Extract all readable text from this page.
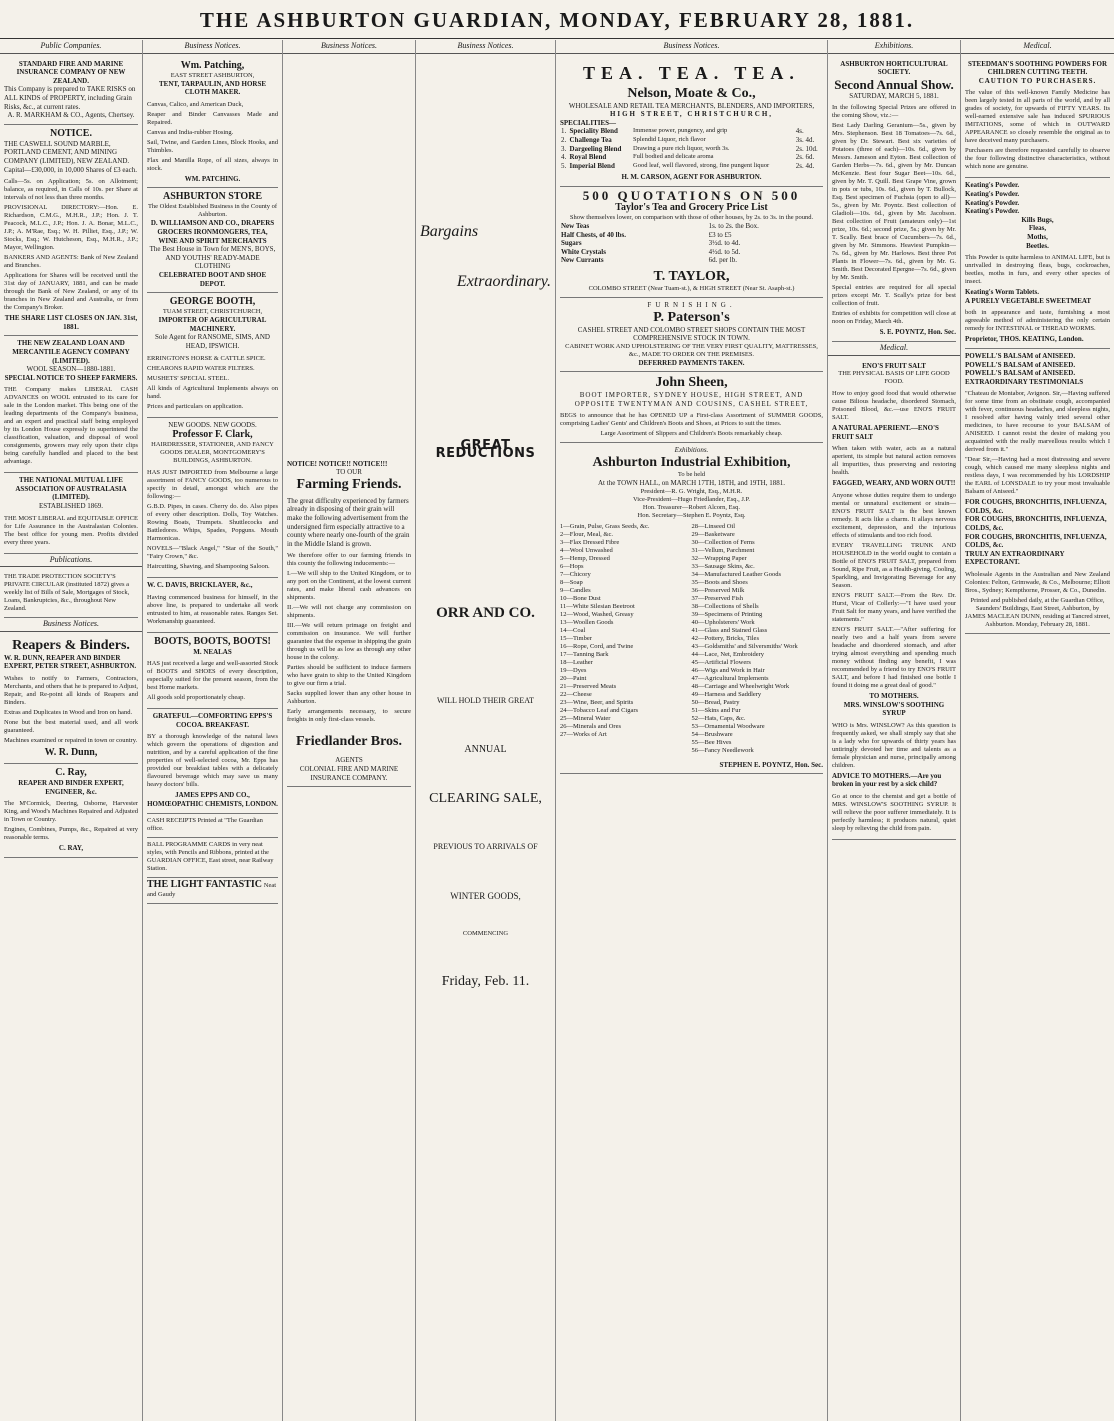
THE ASHBURTON GUARDIAN, MONDAY, FEBRUARY 28, 1881.
Public Companies.
STANDARD FIRE AND MARINE INSURANCE COMPANY OF NEW ZEALAND.
This Company is prepared to TAKE RISKS on ALL KINDS of PROPERTY, including Grain Risks, &c., at current rates.
A. R. MARKHAM & CO., Agents, Chertsey.
NOTICE.
THE CASWELL SOUND MARBLE, PORTLAND CEMENT, AND MINING COMPANY (LIMITED), NEW ZEALAND. Capital—£30,000, in 10,000 Shares of £3 each.

Calls—5s. on Application; 5s. on Allotment; balance, as required, in Calls of 10s. per Share at intervals of not less than three months.

PROVISIONAL DIRECTORY:—Hon. E. Richardson, C.M.G., M.H.R., J.P.; Hon. J. T. Peacock, M.L.C., J.P.; Hon. J. A. Bonar, M.L.C., J.P.; A. M'Rae, Esq.; W. H. Pilliet, Esq., J.P.; W. Stocks, Esq.; W. Hutcheson, Esq., M.H.R., J.P.; Mayor, Wellington.

BANKERS AND AGENTS: Bank of New Zealand and Branches.

Applications for Shares will be received until the 31st day of JANUARY, 1881, and can be made through the Bank of New Zealand, or any of its branches in New Zealand and Australia, or from the Company's Broker.

THE SHARE LIST CLOSES ON JAN. 31st, 1881.
THE NEW ZEALAND LOAN AND MERCANTILE AGENCY COMPANY (LIMITED).
WOOL SEASON—1880-1881.
SPECIAL NOTICE TO SHEEP FARMERS.

THE Company makes LIBERAL CASH ADVANCES on WOOL entrusted to its care for sale in the London market. This being one of the leading departments of the Company's business, and an expert and practical staff being employed by its London House expressly to superintend the classification, valuation, and disposal of wool consignments, growers may rely upon their clips being carefully handled and placed to the best advantage.

THE NATIONAL MUTUAL LIFE ASSOCIATION OF AUSTRALASIA (LIMITED).
ESTABLISHED 1869.

THE MOST LIBERAL and EQUITABLE OFFICE for Life Assurance in the Australasian Colonies. The best office for young men. Profits divided every three years.

Publications.
THE TRADE PROTECTION SOCIETY'S PRIVATE CIRCULAR (instituted 1872) gives a weekly list of Bills of Sale, Mortgages of Stock, Loans, Bankruptcies, &c., throughout New Zealand.
Business Notices.
Reapers & Binders.
W. R. DUNN, REAPER AND BINDER EXPERT, PETER STREET, ASHBURTON.

Wishes to notify to Farmers, Contractors, Merchants, and others that he is prepared to Adjust, Repair, and Re-point all kinds of Reapers and Binders.

Extras and Duplicates in Wood and Iron on hand.

None but the best material used, and all work guaranteed.

Machines examined or repaired in town or country.

W. R. Dunn,
C. Ray,
REAPER AND BINDER EXPERT, ENGINEER, &c.

The M'Cormick, Deering, Osborne, Harvester King, and Wood's Machines Repaired and Adjusted in Town or Country.

Engines, Combines, Pumps, &c., Repaired at very reasonable terms.

C. RAY,
Business Notices.
Wm. Patching,
EAST STREET ASHBURTON,
TENT, TARPAULIN, AND HORSE CLOTH MAKER.

Canvas, Calico, and American Duck,

Reaper and Binder Canvasses Made and Repaired.

Canvas and India-rubber Hosing.

Sail, Twine, and Garden Lines, Block Hooks, and Thimbles.

Flax and Manilla Rope, of all sizes, always in stock.

WM. PATCHING.
ASHBURTON STORE
The Oldest Established Business in the County of Ashburton.
D. WILLIAMSON AND CO., DRAPERS GROCERS IRONMONGERS, TEA, WINE AND SPIRIT MERCHANTS
The Best House in Town for MEN'S, BOYS, AND YOUTHS' READY-MADE CLOTHING
CELEBRATED BOOT AND SHOE DEPOT.
GEORGE BOOTH,
TUAM STREET, CHRISTCHURCH,
IMPORTER OF AGRICULTURAL MACHINERY.
Sole Agent for RANSOME, SIMS, AND HEAD, IPSWICH.

ERRINGTON'S HORSE & CATTLE SPICE.

CHEARONS RAPID WATER FILTERS.

MUSHETS' SPECIAL STEEL.

All kinds of Agricultural Implements always on hand.

Prices and particulars on application.

NEW GOODS. NEW GOODS.
Professor F. Clark,
HAIRDRESSER, STATIONER, AND FANCY GOODS DEALER, MONTGOMERY'S BUILDINGS, ASHBURTON.

HAS JUST IMPORTED from Melbourne a large assortment of FANCY GOODS, too numerous to specify in detail, amongst which are the following:—

G.B.D. Pipes, in cases. Cherry do. do. Also pipes of every other description. Dolls, Toy Watches. Rowing Boats, Trumpets. Shuttlecocks and Battledores. Whips, Spades, Popguns. Mouth Harmonicas.

NOVELS—"Black Angel," "Star of the South," "Fairy Crown," &c.

Haircutting, Shaving, and Shampooing Saloon.

W. C. DAVIS, BRICKLAYER, &c.,

Having commenced business for himself, in the above line, is prepared to undertake all work entrusted to him, at reasonable rates. Ranges Set. Workmanship guaranteed.

BOOTS, BOOTS, BOOTS!
M. NEALAS

HAS just received a large and well-assorted Stock of BOOTS and SHOES of every description, especially suited for the present season, from the best Home markets.

All goods sold proportionately cheap.

GRATEFUL—COMFORTING EPPS'S COCOA. BREAKFAST.

BY a thorough knowledge of the natural laws which govern the operations of digestion and nutrition, and by a careful application of the fine properties of well-selected cocoa, Mr. Epps has provided our breakfast tables with a delicately flavoured beverage which may save us many heavy doctors' bills.

JAMES EPPS AND CO., HOMŒOPATHIC CHEMISTS, LONDON.
CASH RECEIPTS Printed at "The Guardian office.
BALL PROGRAMME CARDS in very neat styles, with Pencils and Ribbons, printed at the GUARDIAN OFFICE, East street, near Railway Station.
THE LIGHT FANTASTIC Neat and Gaudy
Business Notices.
NOTICE! NOTICE!! NOTICE!!!
TO OUR
Farming Friends.
The great difficulty experienced by farmers already in disposing of their grain will make the following advertisement from the undersigned firm especially attractive to a county where nearly one-fourth of the grain in the Middle Island is grown.

We therefore offer to our farming friends in this county the following inducements:—

I.—We will ship to the United Kingdom, or to any port on the Continent, at the lowest current rates, and make liberal cash advances on shipments.

II.—We will not charge any commission on shipments.

III.—We will return primage on freight and commission on insurance. We will further guarantee that the expense in shipping the grain through us will be as low as through any other house in the colony.

Parties should be sufficient to induce farmers who have grain to ship to the United Kingdom to give our firm a trial.

Sacks supplied lower than any other house in Ashburton.

Early arrangements necessary, to secure freights in only first-class vessels.

Friedlander Bros.
AGENTS
COLONIAL FIRE AND MARINE INSURANCE COMPANY.
Business Notices.
Bargains
Extraordinary.
GREAT REDUCTIONS
ORR AND CO.
WILL HOLD THEIR GREAT
ANNUAL
CLEARING SALE,
PREVIOUS TO ARRIVALS OF
WINTER GOODS,
COMMENCING
Friday, Feb. 11.
Business Notices.
TEA. TEA. TEA.
Nelson, Moate & Co.,
WHOLESALE AND RETAIL TEA MERCHANTS, BLENDERS, AND IMPORTERS,
HIGH STREET, CHRISTCHURCH,
SPECIALITIES—
1.	Speciality Blend	Immense power, pungency, and grip	4s.
2.	Challenge Tea	Splendid Liquor, rich flavor	3s. 4d.
3.	Dargeeling Blend	Drawing a pure rich liquor, worth 3s.	2s. 10d.
4.	Royal Blend	Full bodied and delicate aroma	2s. 6d.
5.	Imperial Blend	Good leaf, well flavored, strong, fine pungent liquor	2s. 4d.
H. M. CARSON, AGENT FOR ASHBURTON.
500 QUOTATIONS ON 500
Taylor's Tea and Grocery Price List
Show themselves lower, on comparison with those of other houses, by 2s. to 3s. in the pound.
New Teas	1s. to 2s. the Box.
Half Chests, of 40 lbs.	£3 to £5
Sugars	3½d. to 4d.
White Crystals	4½d. to 5d.
New Currants	6d. per lb.
T. TAYLOR,
COLOMBO STREET (Near Tuam-st.), & HIGH STREET (Near St. Asaph-st.)
FURNISHING.
P. Paterson's
CASHEL STREET AND COLOMBO STREET SHOPS CONTAIN THE MOST COMPREHENSIVE STOCK IN TOWN.
CABINET WORK AND UPHOLSTERING OF THE VERY FIRST QUALITY, MATTRESSES, &c., MADE TO ORDER ON THE PREMISES.
DEFERRED PAYMENTS TAKEN.
John Sheen,
BOOT IMPORTER, SYDNEY HOUSE, HIGH STREET, AND OPPOSITE TWENTYMAN AND COUSINS, CASHEL STREET,

BEGS to announce that he has OPENED UP a First-class Assortment of SUMMER GOODS, comprising Ladies' Gents' and Children's Boots and Shoes, at Prices to suit the times.

Large Assortment of Slippers and Children's Boots remarkably cheap.
Exhibitions.
Ashburton Industrial Exhibition,
To be held
At the TOWN HALL, on MARCH 17TH, 18TH, and 19TH, 1881.
President—R. G. Wright, Esq., M.H.R.
Vice-President—Hugo Friedlander, Esq., J.P.
Hon. Treasurer—Robert Alcorn, Esq.
Hon. Secretary—Stephen E. Poyntz, Esq.
1—Grain, Pulse, Grass Seeds, &c.
2—Flour, Meal, &c.
3—Flax Dressed Fibre
4—Wool Unwashed
5—Hemp, Dressed
6—Hops
7—Chicory
8—Soap
9—Candles
10—Bone Dust
11—White Silesian Beetroot
12—Wood, Washed, Greasy
13—Woollen Goods
14—Coal
15—Timber
16—Rope, Cord, and Twine
17—Tanning Bark
18—Leather
19—Dyes
20—Paint
21—Preserved Meats
22—Cheese
23—Wine, Beer, and Spirits
24—Tobacco Leaf and Cigars
25—Mineral Water
26—Minerals and Ores
27—Works of Art
28—Linseed Oil
29—Basketware
30—Collection of Ferns
31—Vellum, Parchment
32—Wrapping Paper
33—Sausage Skins, &c.
34—Manufactured Leather Goods
35—Boots and Shoes
36—Preserved Milk
37—Preserved Fish
38—Collections of Shells
39—Specimens of Printing
40—Upholsterers' Work
41—Glass and Stained Glass
42—Pottery, Bricks, Tiles
43—Goldsmiths' and Silversmiths' Work
44—Lace, Net, Embroidery
45—Artificial Flowers
46—Wigs and Work in Hair
47—Agricultural Implements
48—Carriage and Wheelwright Work
49—Harness and Saddlery
50—Bread, Pastry
51—Skins and Fur
52—Hats, Caps, &c.
53—Ornamental Woodware
54—Brushware
55—Bee Hives
56—Fancy Needlework
STEPHEN E. POYNTZ, Hon. Sec.
Exhibitions.
ASHBURTON HORTICULTURAL SOCIETY.
Second Annual Show.
SATURDAY, MARCH 5, 1881.

In the following Special Prizes are offered in the coming Show, viz.:—

Best Lady Darling Geranium—5s., given by Mrs. Stephenson. Best 18 Tomatoes—7s. 6d., given by Dr. Stewart. Best six varieties of Potatoes (three of each)—10s. 6d., given by Messrs. Jameson and Eyton. Best collection of Garden Herbs—7s. 6d., given by Mr. Duncan McKenzie. Best four Sugar Beet—10s. 6d., given by Mr. T. Quill. Best Grape Vine, grown in pots or tubs, 10s. 6d., given by T. Bullock, Esq. Best specimen of Fuchsia (open to all)—5s., given by Mr. Poyntz. Best collection of Gladioli—10s. 6d., given by Mr. Jacobson. Best collection of Fruit (amateurs only)—1st prize, 10s. 6d.; second prize, 5s.; given by Mr. T. Scally. Best brace of Cucumbers—7s. 6d., given by Mr. Simmons. Heaviest Pumpkin—7s. 6d., given by Mr. Harlows. Best three Pot Plants in Flower—7s. 6d., given by Mr. G. Smith. Best Decorated Epergne—7s. 6d., given by Mr. Smith.

Special entries are required for all special prizes except Mr. T. Scally's prize for best collection of fruit.

Entries of exhibits for competition will close at noon on Friday, March 4th.

S. E. POYNTZ, Hon. Sec.
Medical.
ENO'S FRUIT SALT
THE PHYSICAL BASIS OF LIFE GOOD FOOD.

How to enjoy good food that would otherwise cause Bilious headache, disordered Stomach, Poisoned Blood, &c.—use ENO'S FRUIT SALT.

A NATURAL APERIENT.—ENO'S FRUIT SALT

When taken with water, acts as a natural aperient, its simple but natural action removes all impurities, thus preserving and restoring health.

FAGGED, WEARY, AND WORN OUT!!

Anyone whose duties require them to undergo mental or unnatural excitement or strain—ENO'S FRUIT SALT is the best known remedy. It acts like a charm. It allays nervous excitement, depression, and the injurious effects of stimulants and too rich food.

EVERY TRAVELLING TRUNK AND HOUSEHOLD in the world ought to contain a Bottle of ENO'S FRUIT SALT, prepared from Sound, Ripe Fruit, as a Health-giving, Cooling, Sparkling, and Invigorating Beverage for any Season.

ENO'S FRUIT SALT.—From the Rev. Dr. Hurst, Vicar of Collerly:—"I have used your Fruit Salt for many years, and have verified the statements."

ENO'S FRUIT SALT.—"After suffering for nearly two and a half years from severe headache and disordered stomach, and after trying almost everything and spending much money without finding any benefit, I was recommended by a friend to try ENO'S FRUIT SALT, and before I had finished one bottle I found it doing me a great deal of good."

TO MOTHERS.
MRS. WINSLOW'S SOOTHING SYRUP

WHO is Mrs. WINSLOW? As this question is frequently asked, we shall simply say that she is a lady who for upwards of thirty years has untiringly devoted her time and talents as a female physician and nurse, principally among children.

ADVICE TO MOTHERS.—Are you broken in your rest by a sick child?

Go at once to the chemist and get a bottle of MRS. WINSLOW'S SOOTHING SYRUP. It will relieve the poor sufferer immediately. It is perfectly harmless; it produces natural, quiet sleep by relieving the child from pain.

Medical.
STEEDMAN'S SOOTHING POWDERS FOR CHILDREN CUTTING TEETH.
CAUTION TO PURCHASERS.

The value of this well-known Family Medicine has been largely tested in all parts of the world, and by all grades of society, for upwards of FIFTY YEARS. Its well-earned extensive sale has induced SPURIOUS IMITATIONS, some of which in OUTWARD APPEARANCE so closely resemble the original as to have deceived many purchasers.

Purchasers are therefore requested carefully to observe the four following distinctive characteristics, without which none are genuine.

Keating's Powder.
Keating's Powder.
Keating's Powder.
Keating's Powder.
Kills Bugs,
Fleas,
Moths,
Beetles.

This Powder is quite harmless to ANIMAL LIFE, but is unrivalled in destroying fleas, bugs, cockroaches, beetles, moths in furs, and every other species of insect.

Keating's Worm Tablets.
A PURELY VEGETABLE SWEETMEAT

both in appearance and taste, furnishing a most agreeable method of administering the only certain remedy for INTESTINAL or THREAD WORMS.

Proprietor, THOS. KEATING, London.
POWELL'S BALSAM of ANISEED.
POWELL'S BALSAM of ANISEED.
POWELL'S BALSAM of ANISEED.
EXTRAORDINARY TESTIMONIALS

"Chateau de Montabor, Avignon. Sir,—Having suffered for some time from an obstinate cough, accompanied with fever, continuous headaches, and sleepless nights, I resolved after having vainly tried several other medicines, to have recourse to your BALSAM of ANISEED. I cannot resist the desire of making you acquainted with the really marvellous results which I derived from it."

"Dear Sir,—Having had a most distressing and severe cough, which caused me many sleepless nights and restless days, I was recommended by his LORDSHIP the EARL of LONSDALE to try your most invaluable Balsam of Aniseed."

FOR COUGHS, BRONCHITIS, INFLUENZA, COLDS, &c.
FOR COUGHS, BRONCHITIS, INFLUENZA, COLDS, &c.
FOR COUGHS, BRONCHITIS, INFLUENZA, COLDS, &c.
TRULY AN EXTRAORDINARY EXPECTORANT.

Wholesale Agents in the Australian and New Zealand Colonies: Felton, Grimwade, & Co., Melbourne; Elliott Bros., Sydney; Kempthorne, Prosser, & Co., Dunedin.

Printed and published daily, at the Guardian Office, Saunders' Buildings, East Street, Ashburton, by JAMES MACLEAN DUNN, residing at Tancred street, Ashburton. Monday, February 28, 1881.
